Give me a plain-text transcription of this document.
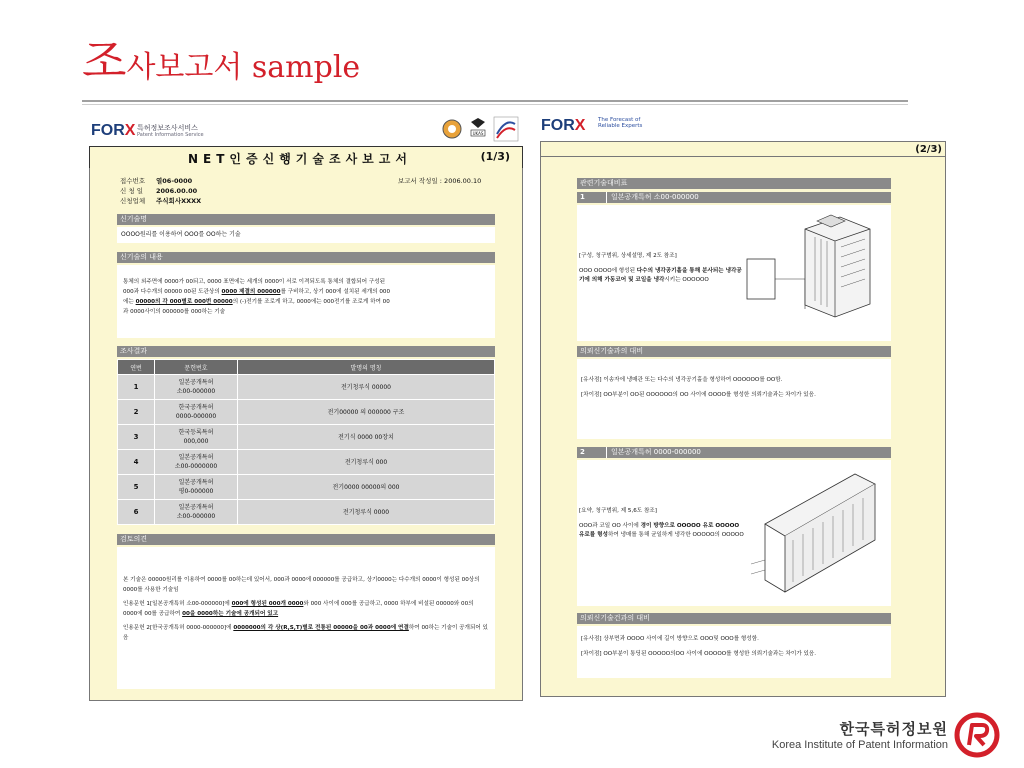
조사보고서 sample
FORX 특허정보조사서비스
Patent Information Service	UKAS
NET인증신행기술조사보고서	(1/3)
접수번호 열06-0000
신 청 일 2006.00.00
신청업체 주식회사XXXX
보고서 작성일 : 2006.00.10
신기술명
OOOO원리를 이용하여 OOO를 OO하는 기술
신기술의 내용
통체의 외주면에 0000가 00되고, 0000 표면에는 세개의 0000이 서로 이격되도록 통체의 결합되어 구성된
000과 다수개의 00000 00된 도관상의 0000 제결의 000000를 구비하고, 상기 000에 설치된 세개의 000
에는 00000의 각 000별로 000번 00000의 (-)전기를 조로게 하고, 0000에는 000전기를 조로게 하여 00
과 0000사이의 000000를 000하는 기술
조사결과
연번	문헌번호	발명의 명칭
1	일본공개특허
소00-000000	전기청루식 00000
2	한국공개특허
0000-000000	전기00000 의 000000 구조
3	한국등록특허
000,000	전기식 0000 00장치
4	일본공개특허
소00-0000000	전기청루식 000
5	일본공개특허
평0-000000	전기0000 00000의 000
6	일본공개특허
소00-000000	전기청루식 0000
검토의견
본 기술은 00000원리를 이용하여 0000를 00하는데 있어서, 000과 0000에 000000를 공급하고, 상기0000는 다수개의 0000이 형성된 00상의 0000를 사용한 기술임
인용문헌 1[일본공개특허 소00-000000]에 000에 형성된 000개 0000와 000 사이에 000를 공급하고, 0000 하부에 비설된 00000와 00의 0000에 00를 공급하여 00을 0000하는 기술에 공개되어 있고
인용문헌 2[한국공개특허 0000-000000]에 0000000의 각 상(R,S,T)별로 전통된 00000을 00과 0000에 연결하여 00하는 기술이 공개되어 있음
FORX The Forecast of
Reliable Experts
(2/3)
관련기술대비표
1	일본공개특허 소00-000000
[구성, 청구범위, 상세설명, 제 2도 참조]
OOO OOOO에 형성된 다수의 냉각공기홀을 통해 분사되는 냉각공기에 의해 가동코어 및 코일을 냉각시키는 OOOOOO
의뢰신기술과의 대비
[유사점] 이송자에 냉매관 또는 다수의 냉각공기홀을 형성하여 OOOOOO를 OO함.
[차이점] OO부분이 OO된 OOOOOO의 OO 사이에 OOOO를 형성한 의뢰기술과는 차이가 있음.
2	일본공개특허 0000-000000
[요약, 청구범위, 제 5,6도 참조]
OOO과 코일 OO 사이에 경이 방향으로 OOOOO 유로 OOOOO유로를 형성하여 냉매를 통해 균일하게 냉각한 OOOOO의 OOOOO
의뢰신기술건과의 대비
[유사점] 상부면과 OOOO 사이에 길이 방향으로 OOO및 OOO를 형성함.
[차이점] OO부분이 통딩된 OOOOO의OO 사이에 OOOOO를 형성한 의뢰기술과는 차이가 있음.
한국특허정보원
Korea Institute of Patent Information
